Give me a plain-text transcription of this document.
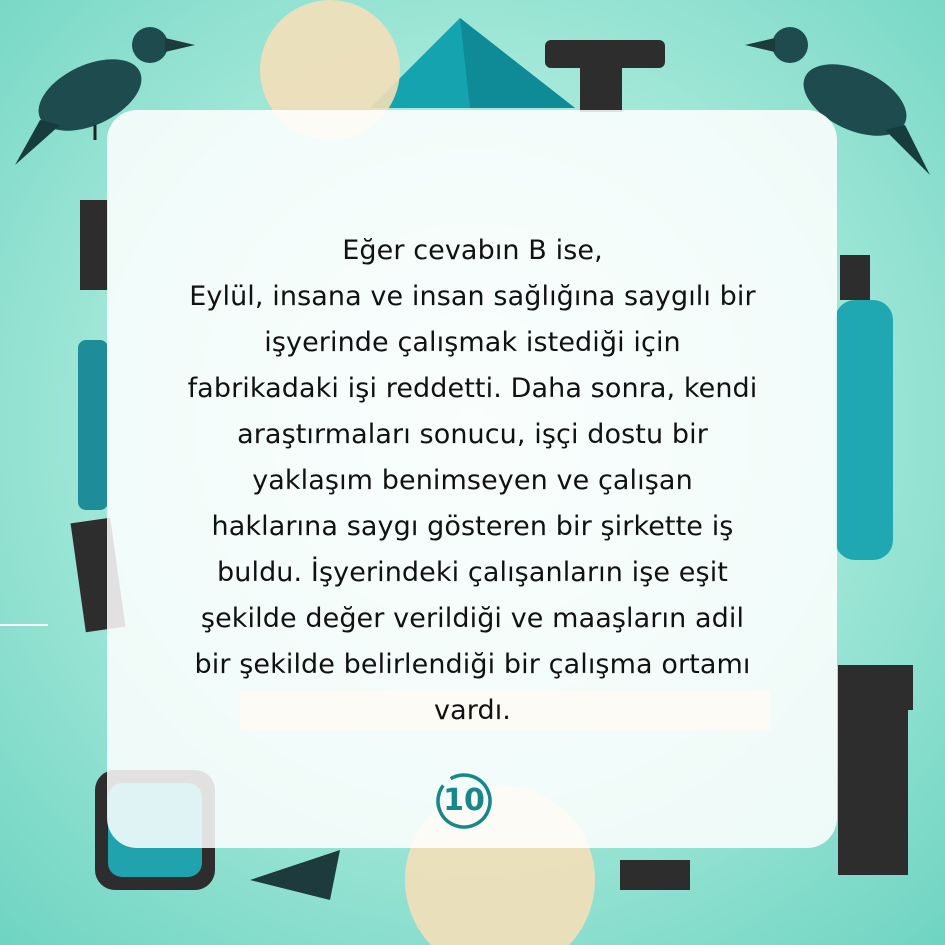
Eğer cevabın B ise,
Eylül, insana ve insan sağlığına saygılı bir
işyerinde çalışmak istediği için
fabrikadaki işi reddetti. Daha sonra, kendi
araştırmaları sonucu, işçi dostu bir
yaklaşım benimseyen ve çalışan
haklarına saygı gösteren bir şirkette iş
buldu. İşyerindeki çalışanların işe eşit
şekilde değer verildiği ve maaşların adil
bir şekilde belirlendiği bir çalışma ortamı
vardı.
10
